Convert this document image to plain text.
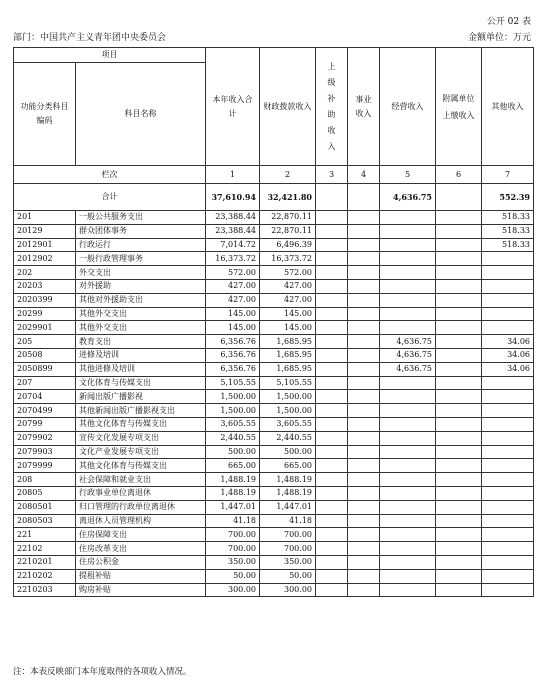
公开 02 表
部门：中国共产主义青年团中央委员会	金额单位：万元
项目		本年收入合计	财政拨款收入	上级补助收入	事业收入	经营收入	附属单位上缴收入	其他收入
功能分类科目编码	科目名称							
栏次		1	2	3	4	5	6	7
合计		37,610.94	32,421.80			4,636.75		552.39
201	一般公共服务支出	23,388.44	22,870.11					518.33
20129	群众团体事务	23,388.44	22,870.11					518.33
2012901	行政运行	7,014.72	6,496.39					518.33
2012902	一般行政管理事务	16,373.72	16,373.72					
202	外交支出	572.00	572.00					
20203	对外援助	427.00	427.00					
2020399	其他对外援助支出	427.00	427.00					
20299	其他外交支出	145.00	145.00					
2029901	其他外交支出	145.00	145.00					
205	教育支出	6,356.76	1,685.95			4,636.75		34.06
20508	进修及培训	6,356.76	1,685.95			4,636.75		34.06
2050899	其他进修及培训	6,356.76	1,685.95			4,636.75		34.06
207	文化体育与传媒支出	5,105.55	5,105.55					
20704	新闻出版广播影视	1,500.00	1,500.00					
2070499	其他新闻出版广播影视支出	1,500.00	1,500.00					
20799	其他文化体育与传媒支出	3,605.55	3,605.55					
2079902	宣传文化发展专项支出	2,440.55	2,440.55					
2079903	文化产业发展专项支出	500.00	500.00					
2079999	其他文化体育与传媒支出	665.00	665.00					
208	社会保障和就业支出	1,488.19	1,488.19					
20805	行政事业单位离退休	1,488.19	1,488.19					
2080501	归口管理的行政单位离退休	1,447.01	1,447.01					
2080503	离退休人员管理机构	41.18	41.18					
221	住房保障支出	700.00	700.00					
22102	住房改革支出	700.00	700.00					
2210201	住房公积金	350.00	350.00					
2210202	提租补贴	50.00	50.00					
2210203	购房补贴	300.00	300.00					
注：本表反映部门本年度取得的各项收入情况。
